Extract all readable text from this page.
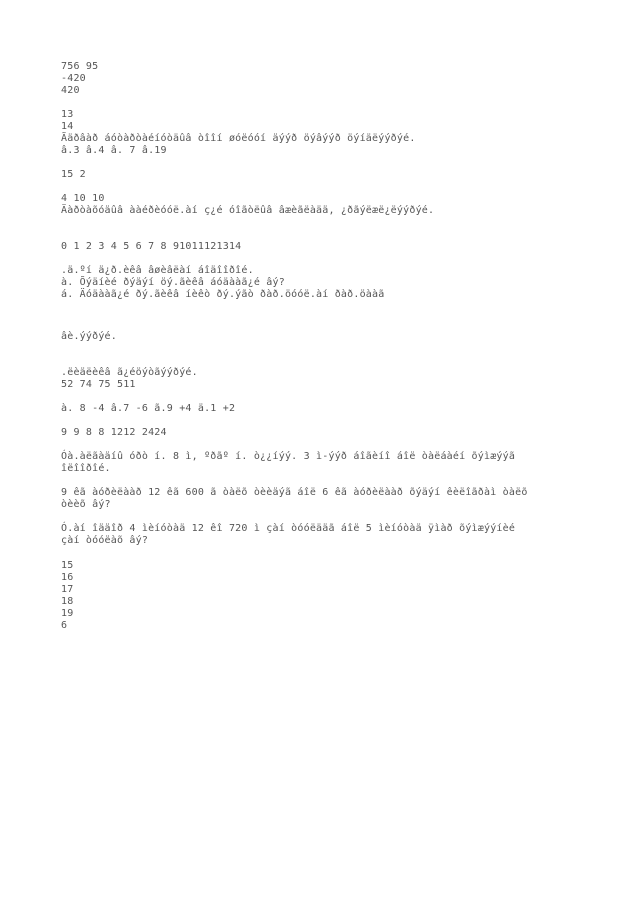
756 95
-420
420
13
14
Ãäðâàð áóòàðòàéíóòäûâ òîîí øóëóóí äýýð öýâýýð öýíäëýýðýé.
â.3 â.4 â. 7 â.19
15 2
4 10 10
Äàðòàõóäûâ ààéðèóóë.àí ç¿é óîãòëûâ âæèãëàää, ¿ðãýëæë¿ëýýðýé.
0 1 2 3 4 5 6 7 8 91011121314
.ä.ºí ä¿ð.èêâ âøèâëàí áîäîîðîé.
à. Õýäíèé ðýäýí öý.ãèêâ áóäààã¿é âý?
á. Äóäààã¿é ðý.ãèêâ íèêò ðý.ýãò ðàð.öóóë.àí ðàð.öààã
âè.ýýðýé.
.ëèäëèêâ ã¿éöýòãýýðýé.
52 74 75 511
à. 8 -4 â.7 -6 ã.9 +4 ä.1 +2
9 9 8 8 1212 2424
Óà.àëãàäíû óðò í. 8 ì, ºðãº í. ò¿¿íýý. 3 ì-ýýð áîãèíî áîë òàëáàéí õýìæýýã
îëîîðîé.
9 êã àóðèëààð 12 êã 600 ã òàëõ òèèäýã áîë 6 êã àóðèëààð õýäýí êèëîãðàì òàëõ
òèèõ âý?
Ó.àí îääîð 4 ìèíóòàä 12 êî 720 ì çàí òóóëääã áîë 5 ìèíóòàä ÿìàð õýìæýýíèé
çàí òóóëàõ âý?
15
16
17
18
19
6
